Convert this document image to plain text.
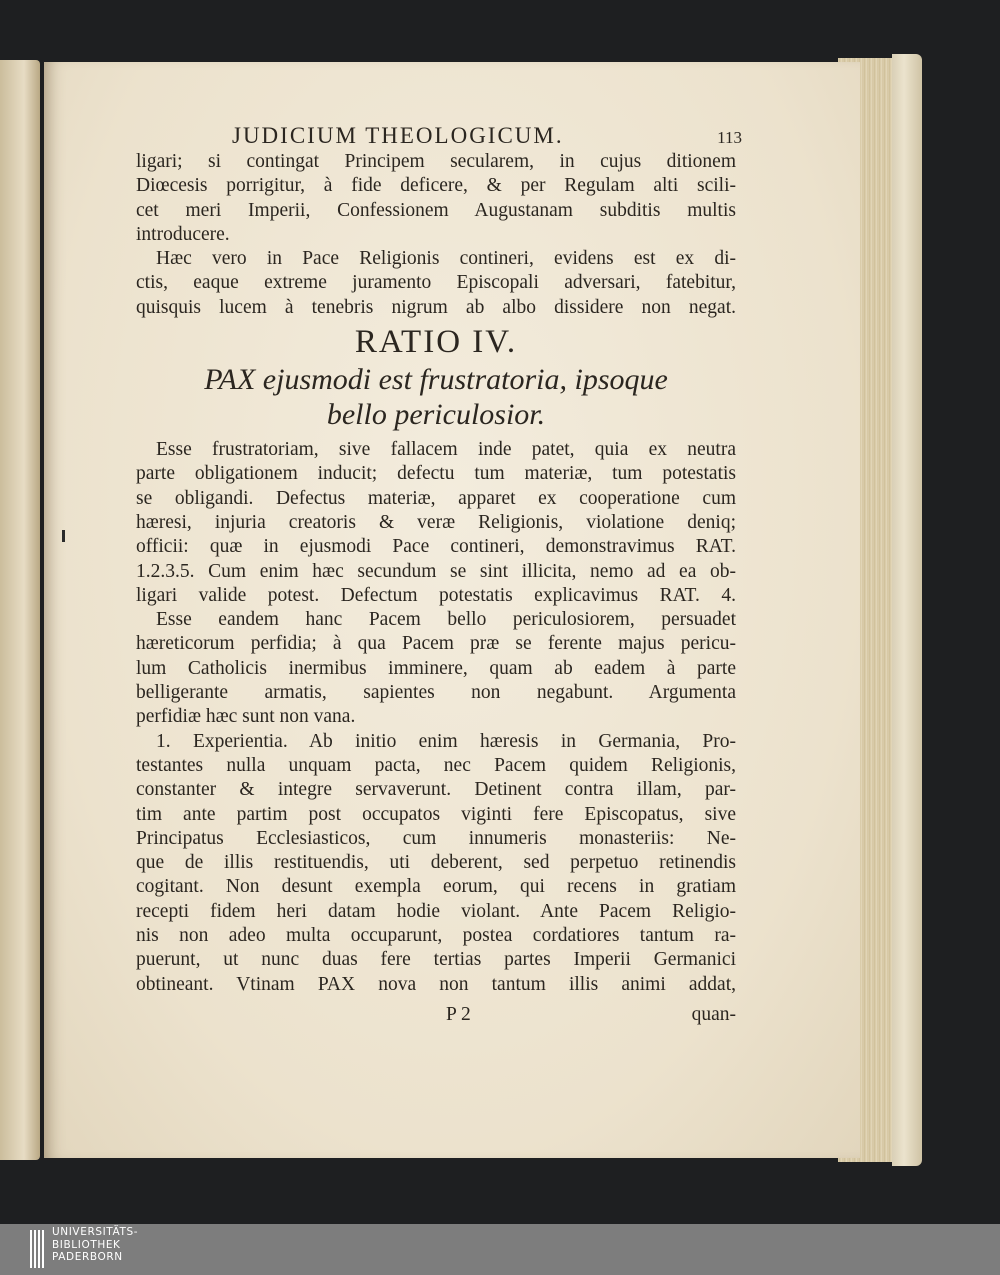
JUDICIUM THEOLOGICUM.	113
ligari; si contingat Principem secularem, in cujus ditionem
Diœcesis porrigitur, à fide deficere, & per Regulam alti scili-
cet meri Imperii, Confessionem Augustanam subditis multis
introducere.
Hæc vero in Pace Religionis contineri, evidens est ex di-
ctis, eaque extreme juramento Episcopali adversari, fatebitur,
quisquis lucem à tenebris nigrum ab albo dissidere non negat.
RATIO IV.
PAX ejusmodi est frustratoria, ipsoque
bello periculosior.
Esse frustratoriam, sive fallacem inde patet, quia ex neutra
parte obligationem inducit; defectu tum materiæ, tum potestatis
se obligandi. Defectus materiæ, apparet ex cooperatione cum
hæresi, injuria creatoris & veræ Religionis, violatione deniq;
officii: quæ in ejusmodi Pace contineri, demonstravimus RAT.
1.2.3.5. Cum enim hæc secundum se sint illicita, nemo ad ea ob-
ligari valide potest. Defectum potestatis explicavimus RAT. 4.
Esse eandem hanc Pacem bello periculosiorem, persuadet
hæreticorum perfidia; à qua Pacem præ se ferente majus pericu-
lum Catholicis inermibus imminere, quam ab eadem à parte
belligerante armatis, sapientes non negabunt. Argumenta
perfidiæ hæc sunt non vana.
1. Experientia. Ab initio enim hæresis in Germania, Pro-
testantes nulla unquam pacta, nec Pacem quidem Religionis,
constanter & integre servaverunt. Detinent contra illam, par-
tim ante partim post occupatos viginti fere Episcopatus, sive
Principatus Ecclesiasticos, cum innumeris monasteriis: Ne-
que de illis restituendis, uti deberent, sed perpetuo retinendis
cogitant. Non desunt exempla eorum, qui recens in gratiam
recepti fidem heri datam hodie violant. Ante Pacem Religio-
nis non adeo multa occuparunt, postea cordatiores tantum ra-
puerunt, ut nunc duas fere tertias partes Imperii Germanici
obtineant. Vtinam PAX nova non tantum illis animi addat,
P 2	quan-
UNIVERSITÄTS-
BIBLIOTHEK
PADERBORN
